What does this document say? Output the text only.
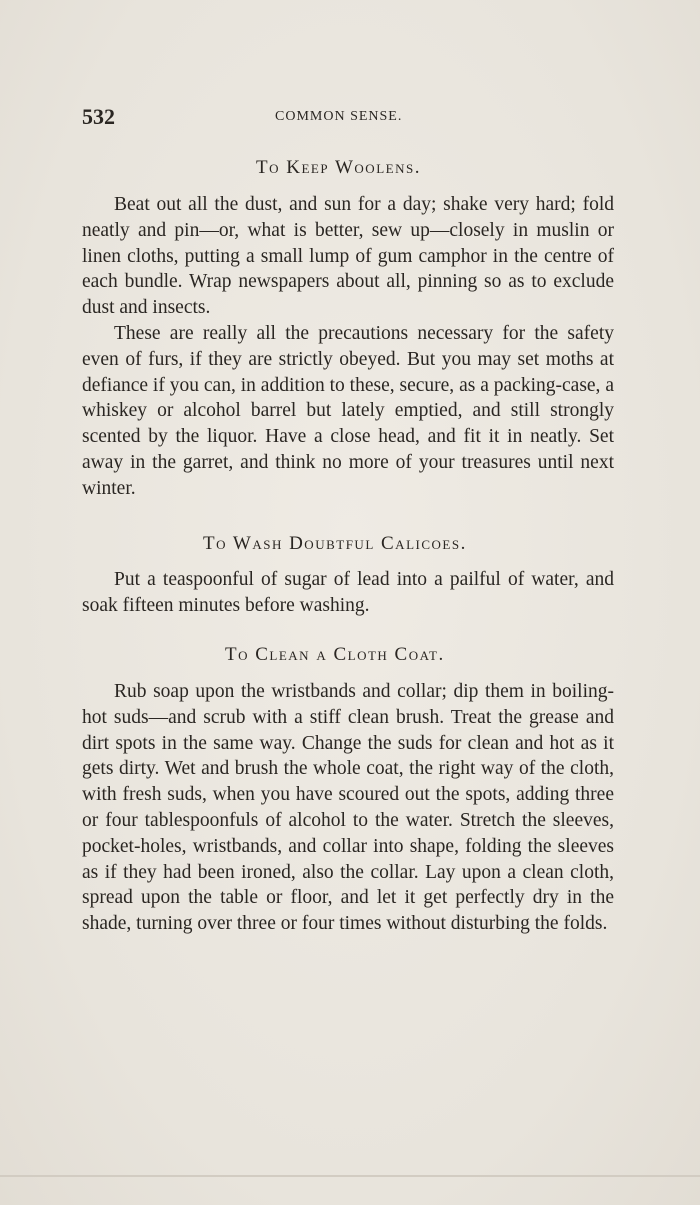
532	COMMON SENSE.
To Keep Woolens.

Beat out all the dust, and sun for a day; shake very hard; fold neatly and pin—or, what is better, sew up—closely in muslin or linen cloths, putting a small lump of gum camphor in the centre of each bundle. Wrap newspapers about all, pinning so as to exclude dust and insects.

These are really all the precautions necessary for the safety even of furs, if they are strictly obeyed. But you may set moths at defiance if you can, in addition to these, secure, as a packing-case, a whiskey or alcohol barrel but lately emptied, and still strongly scented by the liquor. Have a close head, and fit it in neatly. Set away in the garret, and think no more of your treasures until next winter.

To Wash Doubtful Calicoes.

Put a teaspoonful of sugar of lead into a pailful of water, and soak fifteen minutes before washing.

To Clean a Cloth Coat.

Rub soap upon the wristbands and collar; dip them in boiling-hot suds—and scrub with a stiff clean brush. Treat the grease and dirt spots in the same way. Change the suds for clean and hot as it gets dirty. Wet and brush the whole coat, the right way of the cloth, with fresh suds, when you have scoured out the spots, adding three or four tablespoonfuls of alcohol to the water. Stretch the sleeves, pocket-holes, wristbands, and collar into shape, folding the sleeves as if they had been ironed, also the collar. Lay upon a clean cloth, spread upon the table or floor, and let it get perfectly dry in the shade, turning over three or four times without disturbing the folds.
